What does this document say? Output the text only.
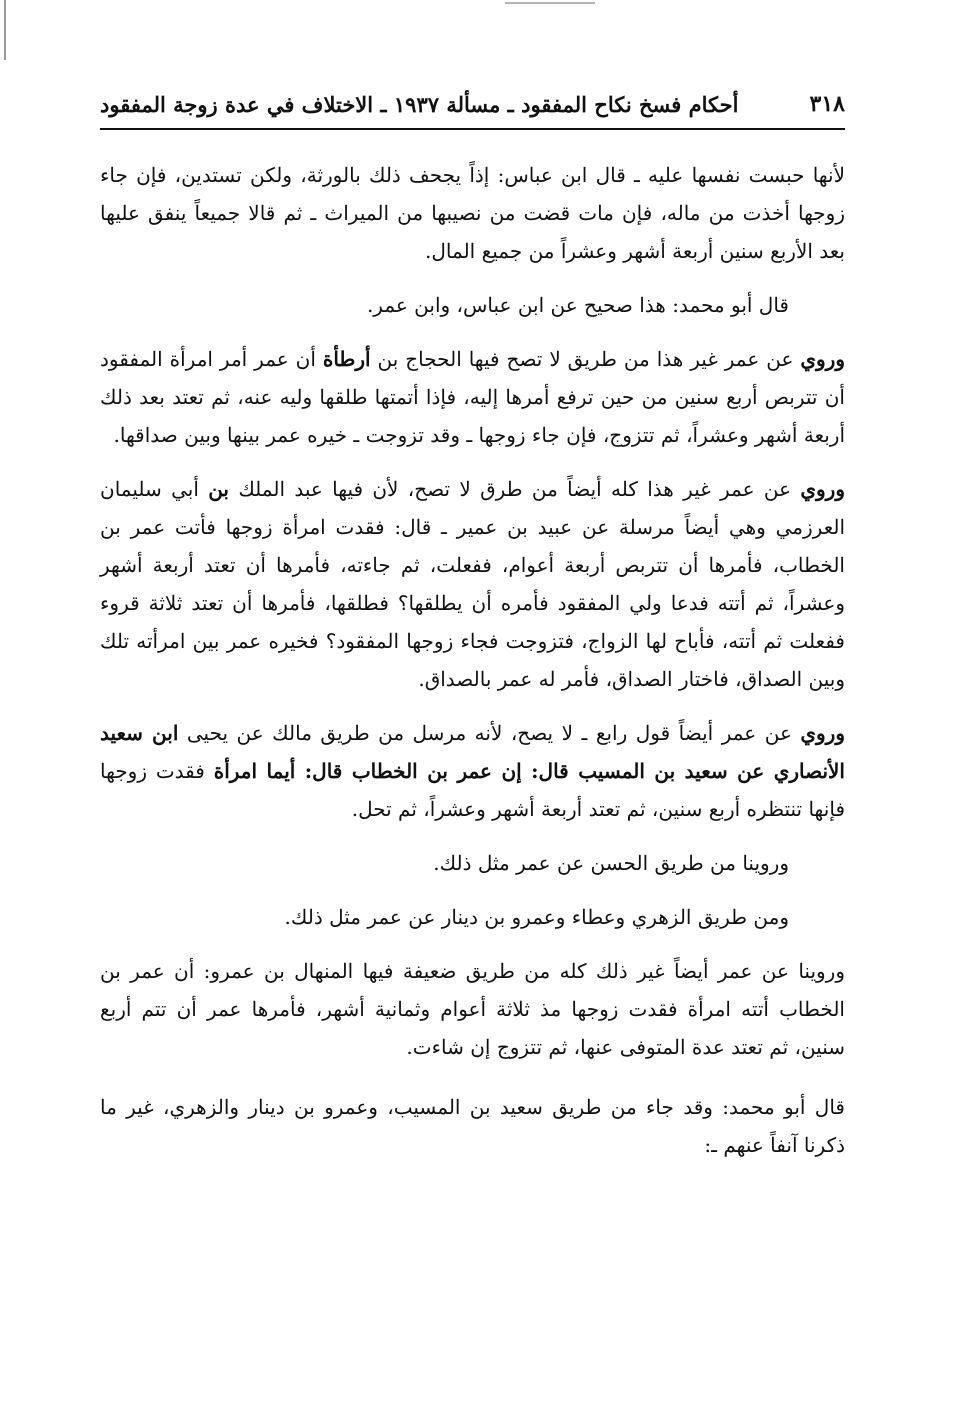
٣١٨
أحكام فسخ نكاح المفقود ـ مسألة ١٩٣٧ ـ الاختلاف في عدة زوجة المفقود

لأنها حبست نفسها عليه ـ قال ابن عباس: إذاً يجحف ذلك بالورثة، ولكن تستدين، فإن جاء زوجها أخذت من ماله، فإن مات قضت من نصيبها من الميراث ـ ثم قالا جميعاً ينفق عليها بعد الأربع سنين أربعة أشهر وعشراً من جميع المال.

قال أبو محمد: هذا صحيح عن ابن عباس، وابن عمر.

وروي عن عمر غير هذا من طريق لا تصح فيها الحجاج بن أرطأة أن عمر أمر امرأة المفقود أن تتربص أربع سنين من حين ترفع أمرها إليه، فإذا أتمتها طلقها وليه عنه، ثم تعتد بعد ذلك أربعة أشهر وعشراً، ثم تتزوج، فإن جاء زوجها ـ وقد تزوجت ـ خيره عمر بينها وبين صداقها.

وروي عن عمر غير هذا كله أيضاً من طرق لا تصح، لأن فيها عبد الملك بن أبي سليمان العرزمي وهي أيضاً مرسلة عن عبيد بن عمير ـ قال: فقدت امرأة زوجها فأتت عمر بن الخطاب، فأمرها أن تتربص أربعة أعوام، ففعلت، ثم جاءته، فأمرها أن تعتد أربعة أشهر وعشراً، ثم أتته فدعا ولي المفقود فأمره أن يطلقها؟ فطلقها، فأمرها أن تعتد ثلاثة قروء ففعلت ثم أتته، فأباح لها الزواج، فتزوجت فجاء زوجها المفقود؟ فخيره عمر بين امرأته تلك وبين الصداق، فاختار الصداق، فأمر له عمر بالصداق.

وروي عن عمر أيضاً قول رابع ـ لا يصح، لأنه مرسل من طريق مالك عن يحيى ابن سعيد الأنصاري عن سعيد بن المسيب قال: إن عمر بن الخطاب قال: أيما امرأة فقدت زوجها فإنها تنتظره أربع سنين، ثم تعتد أربعة أشهر وعشراً، ثم تحل.

وروينا من طريق الحسن عن عمر مثل ذلك.

ومن طريق الزهري وعطاء وعمرو بن دينار عن عمر مثل ذلك.

وروينا عن عمر أيضاً غير ذلك كله من طريق ضعيفة فيها المنهال بن عمرو: أن عمر بن الخطاب أتته امرأة فقدت زوجها مذ ثلاثة أعوام وثمانية أشهر، فأمرها عمر أن تتم أربع سنين، ثم تعتد عدة المتوفى عنها، ثم تتزوج إن شاءت.

قال أبو محمد: وقد جاء من طريق سعيد بن المسيب، وعمرو بن دينار والزهري، غير ما ذكرنا آنفاً عنهم ـ:
